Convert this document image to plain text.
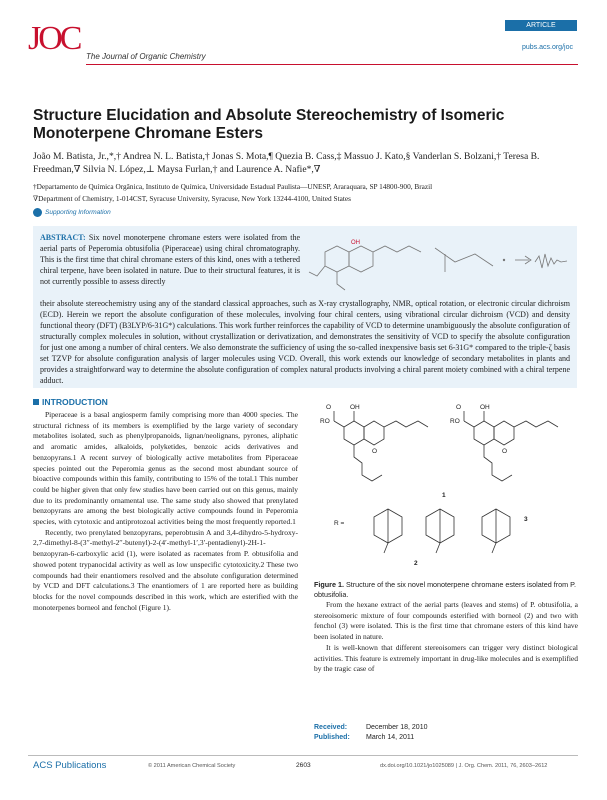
JOC The Journal of Organic Chemistry
ARTICLE
pubs.acs.org/joc
Structure Elucidation and Absolute Stereochemistry of Isomeric Monoterpene Chromane Esters
João M. Batista, Jr.,*,† Andrea N. L. Batista,† Jonas S. Mota,¶ Quezia B. Cass,‡ Massuo J. Kato,§ Vanderlan S. Bolzani,† Teresa B. Freedman,∇ Silvia N. López,⊥ Maysa Furlan,† and Laurence A. Nafie*,∇
†Departamento de Química Orgânica, Instituto de Química, Universidade Estadual Paulista—UNESP, Araraquara, SP 14800-900, Brazil
∇Department of Chemistry, 1-014CST, Syracuse University, Syracuse, New York 13244-4100, United States
Supporting Information
ABSTRACT: Six novel monoterpene chromane esters were isolated from the aerial parts of Peperomia obtusifolia (Piperaceae) using chiral chromatography. This is the first time that chiral chromane esters of this kind, ones with a tethered chiral terpene, have been isolated in nature. Due to their structural features, it is not currently possible to assess directly
their absolute stereochemistry using any of the standard classical approaches, such as X-ray crystallography, NMR, optical rotation, or electronic circular dichroism (ECD). Herein we report the absolute configuration of these molecules, involving four chiral centers, using vibrational circular dichroism (VCD) and density functional theory (DFT) (B3LYP/6-31G*) calculations. This work further reinforces the capability of VCD to determine unambiguously the absolute configuration of structurally complex molecules in solution, without crystallization or derivatization, and demonstrates the sensitivity of VCD to specify the absolute configuration for just one among a number of chiral centers. We also demonstrate the sufficiency of using the so-called inexpensive basis set 6-31G* compared to the triple-ζ basis set TZVP for absolute configuration analysis of larger molecules using VCD. Overall, this work extends our knowledge of secondary metabolites in plants and provides a straightforward way to determine the absolute configuration of complex natural products involving a chiral parent moiety combined with a chiral terpene adduct.
OH
INTRODUCTION

Piperaceae is a basal angiosperm family comprising more than 4000 species. The structural richness of its members is exemplified by the large variety of secondary metabolites isolated, such as phenylpropanoids, lignan/neolignans, pyrones, aliphatic and aromatic amides, alkaloids, polyketides, benzoic acids derivatives and benzopyrans.1 A recent survey of biologically active metabolites from Piperaceae species pointed out the Peperomia genus as the second most abundant source of bioactive compounds within this family, contributing to 15% of the total.1 This number could be higher given that only few studies have been carried out on this genus, mainly due to its predominantly ornamental use. The same study also showed that prenylated benzopyrans are among the best biologically active compounds found in Peperomia species, with cytotoxic and antiprotozoal activities being the most frequently reported.1

Recently, two prenylated benzopyrans, peperobtusin A and 3,4-dihydro-5-hydroxy-2,7-dimethyl-8-(3′′-methyl-2′′-butenyl)-2-(4′-methyl-1′,3′-pentadienyl)-2H-1-benzopyran-6-carboxylic acid (1), were isolated as racemates from P. obtusifolia and showed potent trypanocidal activity as well as low unspecific cytotoxicity.2 These two compounds had their enantiomers resolved and the absolute configuration determined by VCD and DFT calculations.3 The enantiomers of 1 are reported here as building blocks for the novel compounds described in this work, which are esterified with the monoterpenes borneol and fenchol (Figure 1).

RO
O	OH
O
RO
O	OH
O
1
R =
2
3
Figure 1. Structure of the six novel monoterpene chromane esters isolated from P. obtusifolia.

From the hexane extract of the aerial parts (leaves and stems) of P. obtusifolia, a stereoisomeric mixture of four compounds esterified with borneol (2) and two with fenchol (3) were isolated. This is the first time that chromane esters of this kind have been isolated in nature.

It is well-known that different stereoisomers can trigger very distinct biological activities. This feature is extremely important in drug-like molecules and is exemplified by the tragic case of

Received:	December 18, 2010
Published:	March 14, 2011
ACS Publications	© 2011 American Chemical Society	2603	dx.doi.org/10.1021/jo1025089 | J. Org. Chem. 2011, 76, 2603–2612
